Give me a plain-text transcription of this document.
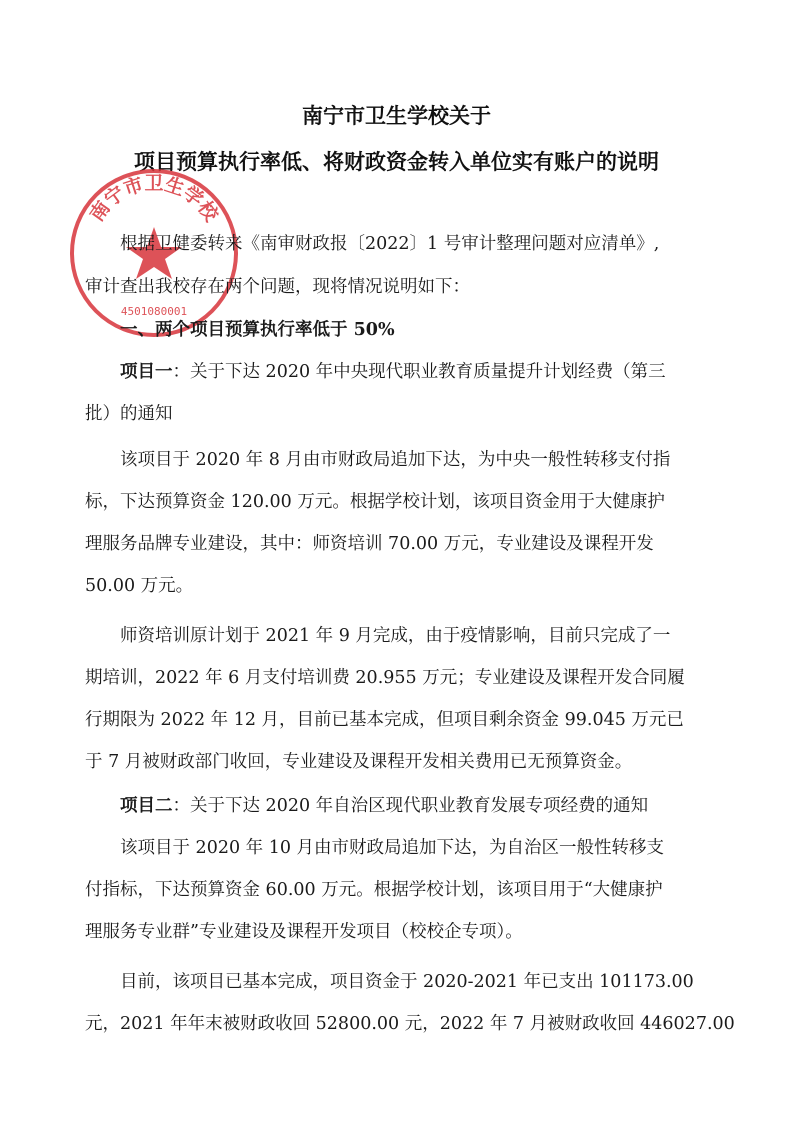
南宁市卫生学校关于
项目预算执行率低、将财政资金转入单位实有账户的说明
南宁市卫生学校
4501080001
根据卫健委转来《南审财政报〔2022〕1 号审计整理问题对应清单》,
审计查出我校存在两个问题，现将情况说明如下：
一、两个项目预算执行率低于 50%
项目一：关于下达 2020 年中央现代职业教育质量提升计划经费（第三
批）的通知
该项目于 2020 年 8 月由市财政局追加下达，为中央一般性转移支付指
标，下达预算资金 120.00 万元。根据学校计划，该项目资金用于大健康护
理服务品牌专业建设，其中：师资培训 70.00 万元，专业建设及课程开发
50.00 万元。
师资培训原计划于 2021 年 9 月完成，由于疫情影响，目前只完成了一
期培训，2022 年 6 月支付培训费 20.955 万元；专业建设及课程开发合同履
行期限为 2022 年 12 月，目前已基本完成，但项目剩余资金 99.045 万元已
于 7 月被财政部门收回，专业建设及课程开发相关费用已无预算资金。
项目二：关于下达 2020 年自治区现代职业教育发展专项经费的通知
该项目于 2020 年 10 月由市财政局追加下达，为自治区一般性转移支
付指标，下达预算资金 60.00 万元。根据学校计划，该项目用于“大健康护
理服务专业群”专业建设及课程开发项目（校校企专项）。
目前，该项目已基本完成，项目资金于 2020-2021 年已支出 101173.00
元，2021 年年末被财政收回 52800.00 元，2022 年 7 月被财政收回 446027.00
